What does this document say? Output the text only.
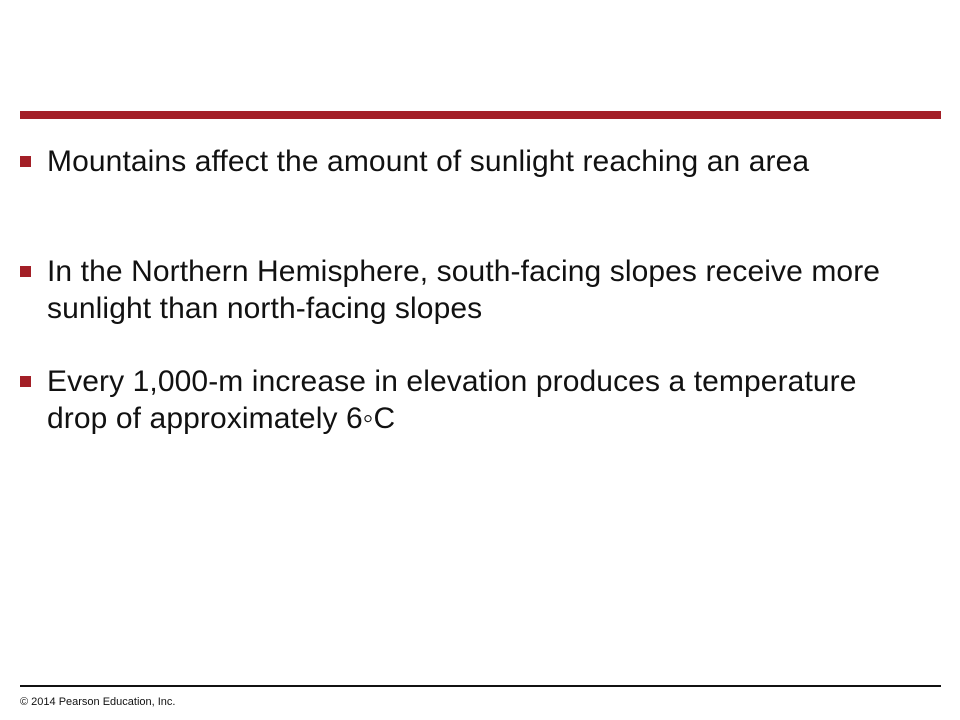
Mountains affect the amount of sunlight reaching an area
In the Northern Hemisphere, south-facing slopes receive more sunlight than north-facing slopes
Every 1,000-m increase in elevation produces a temperature drop of approximately 6◦C
© 2014 Pearson Education, Inc.
